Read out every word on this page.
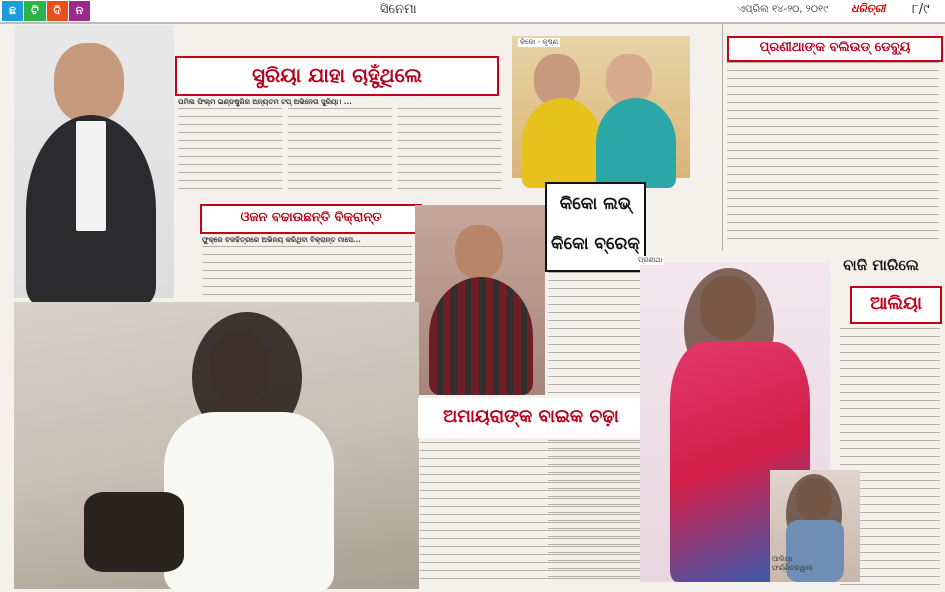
ଛ	ଟି	ଦି	ନ	ସିନେମା	ଏପ୍ରିଲ ୧୪-୨୦, ୨୦୧୯ ଧରିତ୍ରୀ ୮/୯
ସୁରିୟା ଯାହା ଚାହୁଁଥିଲେ
ତାମିଲ ଫିଲ୍ମ ଇଣ୍ଡଷ୍ଟ୍ରିର ଅନ୍ୟତମ ଟପ୍ ଅଭିନେତା ସୁରିୟା। ...
କିକୋ - କୃଷ୍ଣ
ଓଜନ ବଢାଉଛନ୍ତି ବିକ୍ରାନ୍ତ
ଫୁକ୍ରେ ଚଳଚ୍ଚିତ୍ରରେ ଅଭିନୟ କରିଥିବା ବିକ୍ରାନ୍ତ ମାସେ...
କିକୋ ଲଭ୍
କିକୋ ବ୍ରେକ୍
ଅମାୟରାଙ୍କ ବାଇକ ଚଢ଼ା
ପ୍ରଣୀଥାଙ୍କ ବଲିଉଡ୍ ଡେବ୍ୟୁ
ପ୍ରଣୀଥା	ବାଜି ମାରିଲେ
ଆଲିୟା
ଆଲିୟା
ଫର୍ଣ୍ଣିଚରୱାଲା
